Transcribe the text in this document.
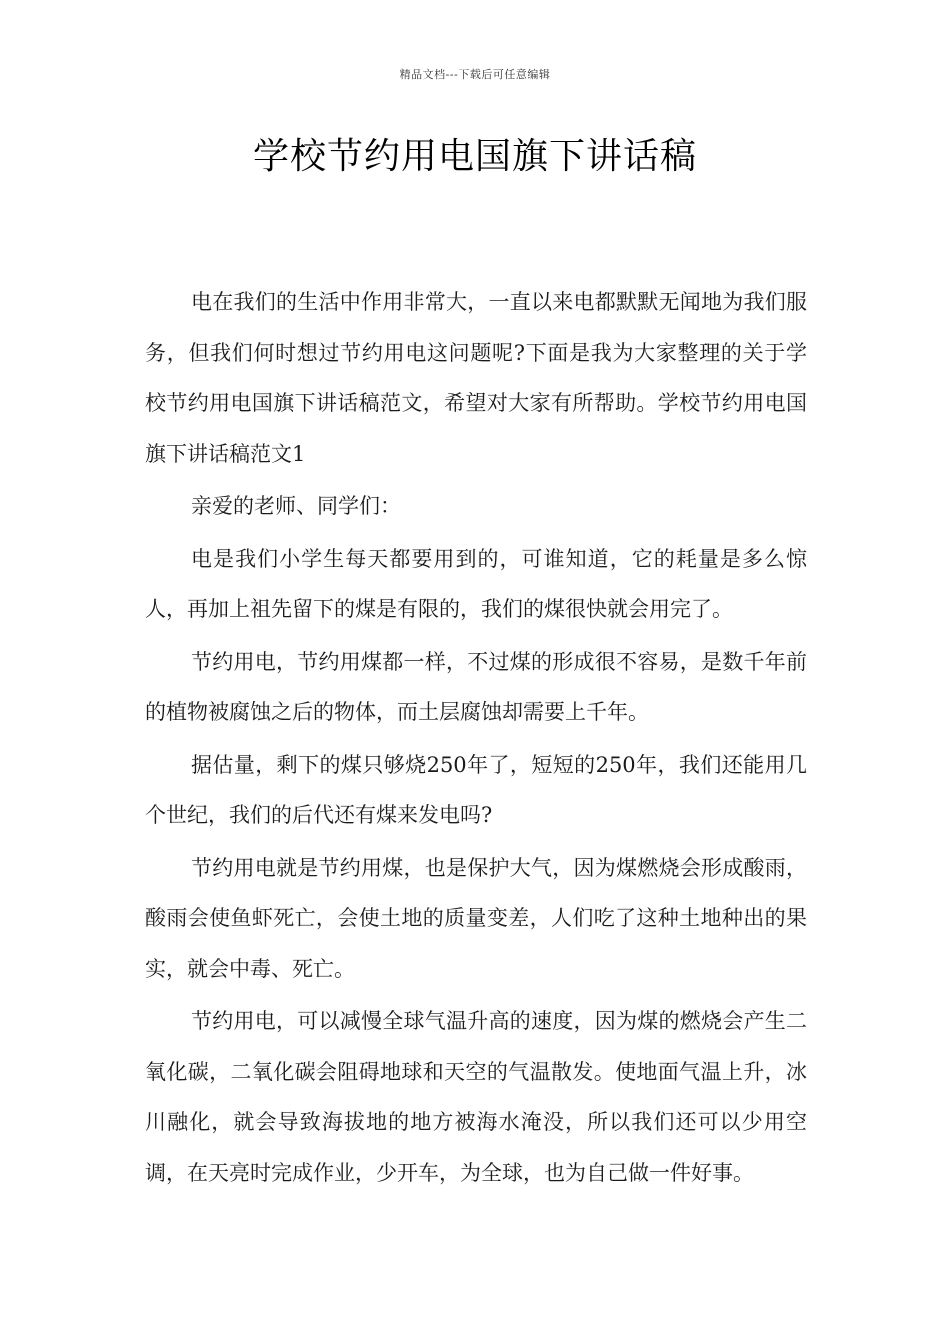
精品文档---下载后可任意编辑
学校节约用电国旗下讲话稿

电在我们的生活中作用非常大，一直以来电都默默无闻地为我们服务，但我们何时想过节约用电这问题呢?下面是我为大家整理的关于学校节约用电国旗下讲话稿范文，希望对大家有所帮助。学校节约用电国旗下讲话稿范文1

亲爱的老师、同学们：

电是我们小学生每天都要用到的，可谁知道，它的耗量是多么惊人，再加上祖先留下的煤是有限的，我们的煤很快就会用完了。

节约用电，节约用煤都一样，不过煤的形成很不容易，是数千年前的植物被腐蚀之后的物体，而土层腐蚀却需要上千年。

据估量，剩下的煤只够烧250年了，短短的250年，我们还能用几个世纪，我们的后代还有煤来发电吗?

节约用电就是节约用煤，也是保护大气，因为煤燃烧会形成酸雨，酸雨会使鱼虾死亡，会使土地的质量变差，人们吃了这种土地种出的果实，就会中毒、死亡。

节约用电，可以减慢全球气温升高的速度，因为煤的燃烧会产生二氧化碳，二氧化碳会阻碍地球和天空的气温散发。使地面气温上升，冰川融化，就会导致海拔地的地方被海水淹没，所以我们还可以少用空调，在天亮时完成作业，少开车，为全球，也为自己做一件好事。
